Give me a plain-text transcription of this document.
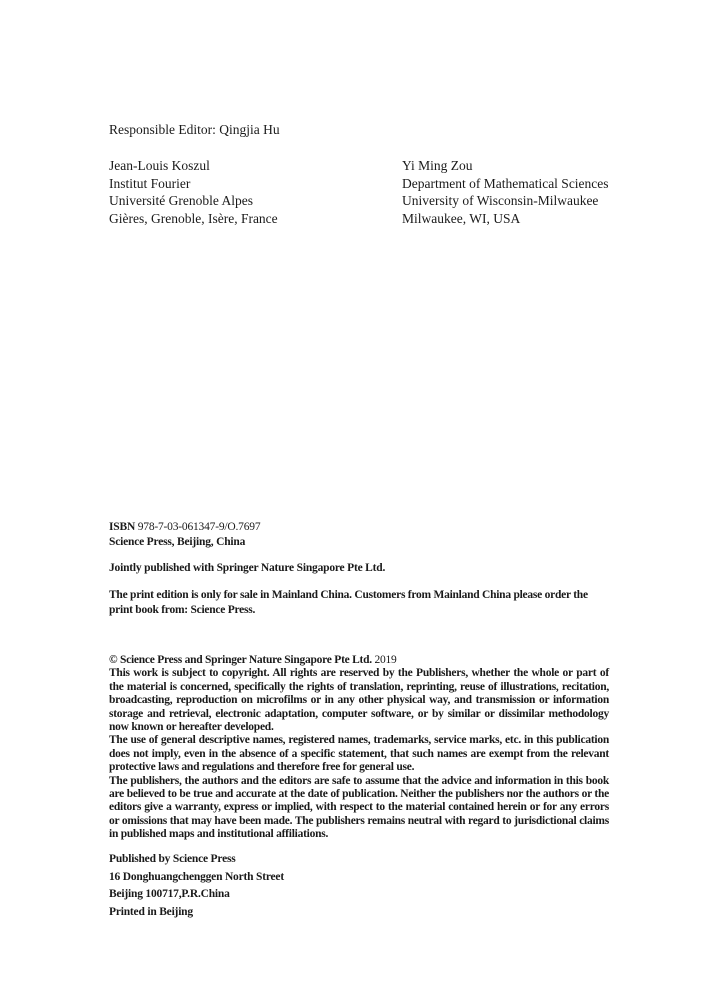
Responsible Editor: Qingjia Hu
Jean-Louis Koszul
Institut Fourier
Université Grenoble Alpes
Gières, Grenoble, Isère, France
Yi Ming Zou
Department of Mathematical Sciences
University of Wisconsin-Milwaukee
Milwaukee, WI, USA
ISBN 978-7-03-061347-9/O.7697
Science Press, Beijing, China
Jointly published with Springer Nature Singapore Pte Ltd.
The print edition is only for sale in Mainland China. Customers from Mainland China please order the print book from: Science Press.

© Science Press and Springer Nature Singapore Pte Ltd. 2019

This work is subject to copyright. All rights are reserved by the Publishers, whether the whole or part of the material is concerned, specifically the rights of translation, reprinting, reuse of illustrations, recitation, broadcasting, reproduction on microfilms or in any other physical way, and transmission or information storage and retrieval, electronic adaptation, computer software, or by similar or dissimilar methodology now known or hereafter developed.

The use of general descriptive names, registered names, trademarks, service marks, etc. in this publication does not imply, even in the absence of a specific statement, that such names are exempt from the relevant protective laws and regulations and therefore free for general use.

The publishers, the authors and the editors are safe to assume that the advice and information in this book are believed to be true and accurate at the date of publication. Neither the publishers nor the authors or the editors give a warranty, express or implied, with respect to the material contained herein or for any errors or omissions that may have been made. The publishers remains neutral with regard to jurisdictional claims in published maps and institutional affiliations.

Published by Science Press
16 Donghuangchenggen North Street
Beijing 100717,P.R.China
Printed in Beijing
